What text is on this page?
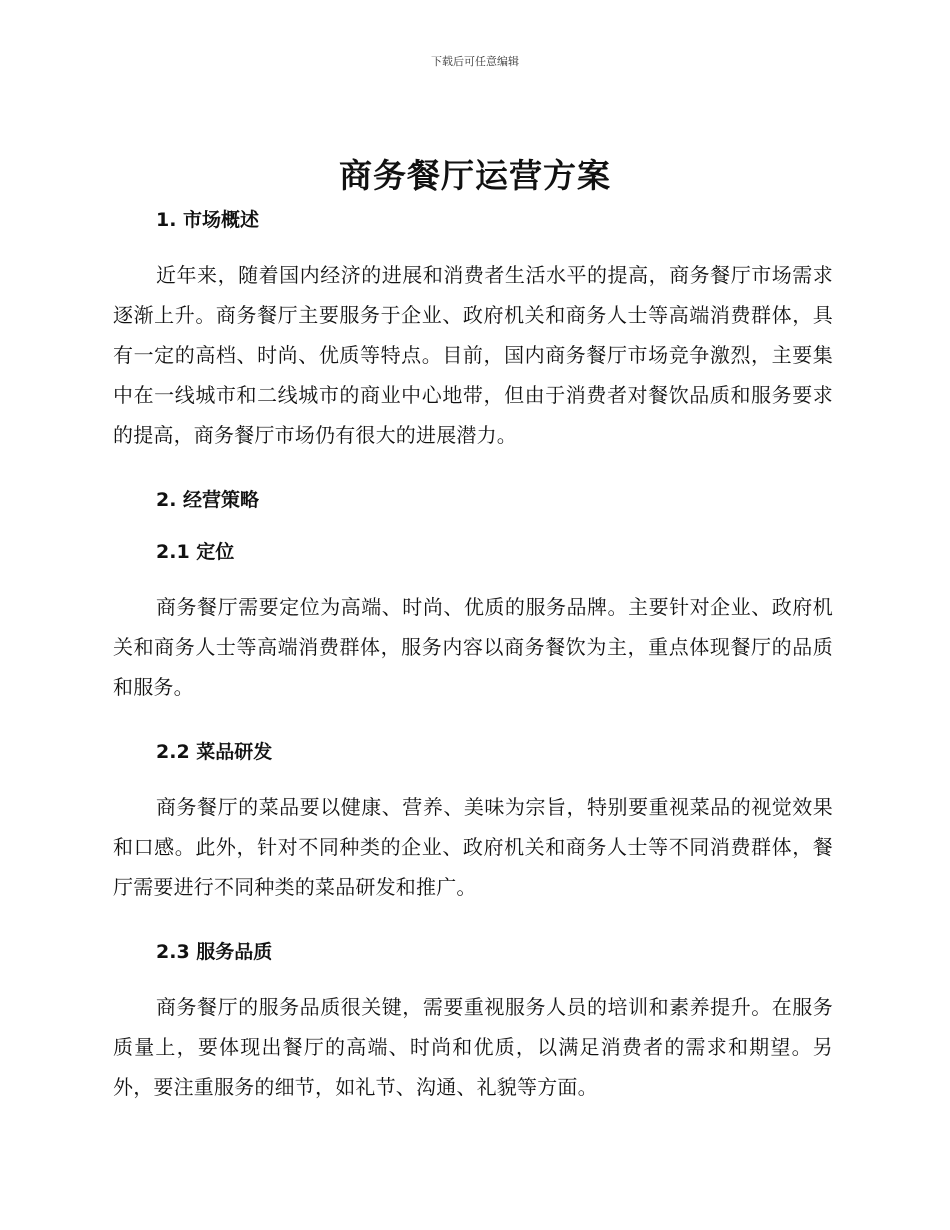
下载后可任意编辑
商务餐厅运营方案
1. 市场概述

近年来，随着国内经济的进展和消费者生活水平的提高，商务餐厅市场需求逐渐上升。商务餐厅主要服务于企业、政府机关和商务人士等高端消费群体，具有一定的高档、时尚、优质等特点。目前，国内商务餐厅市场竞争激烈，主要集中在一线城市和二线城市的商业中心地带，但由于消费者对餐饮品质和服务要求的提高，商务餐厅市场仍有很大的进展潜力。

2. 经营策略
2.1 定位

商务餐厅需要定位为高端、时尚、优质的服务品牌。主要针对企业、政府机关和商务人士等高端消费群体，服务内容以商务餐饮为主，重点体现餐厅的品质和服务。

2.2 菜品研发

商务餐厅的菜品要以健康、营养、美味为宗旨，特别要重视菜品的视觉效果和口感。此外，针对不同种类的企业、政府机关和商务人士等不同消费群体，餐厅需要进行不同种类的菜品研发和推广。

2.3 服务品质

商务餐厅的服务品质很关键，需要重视服务人员的培训和素养提升。在服务质量上，要体现出餐厅的高端、时尚和优质，以满足消费者的需求和期望。另外，要注重服务的细节，如礼节、沟通、礼貌等方面。
